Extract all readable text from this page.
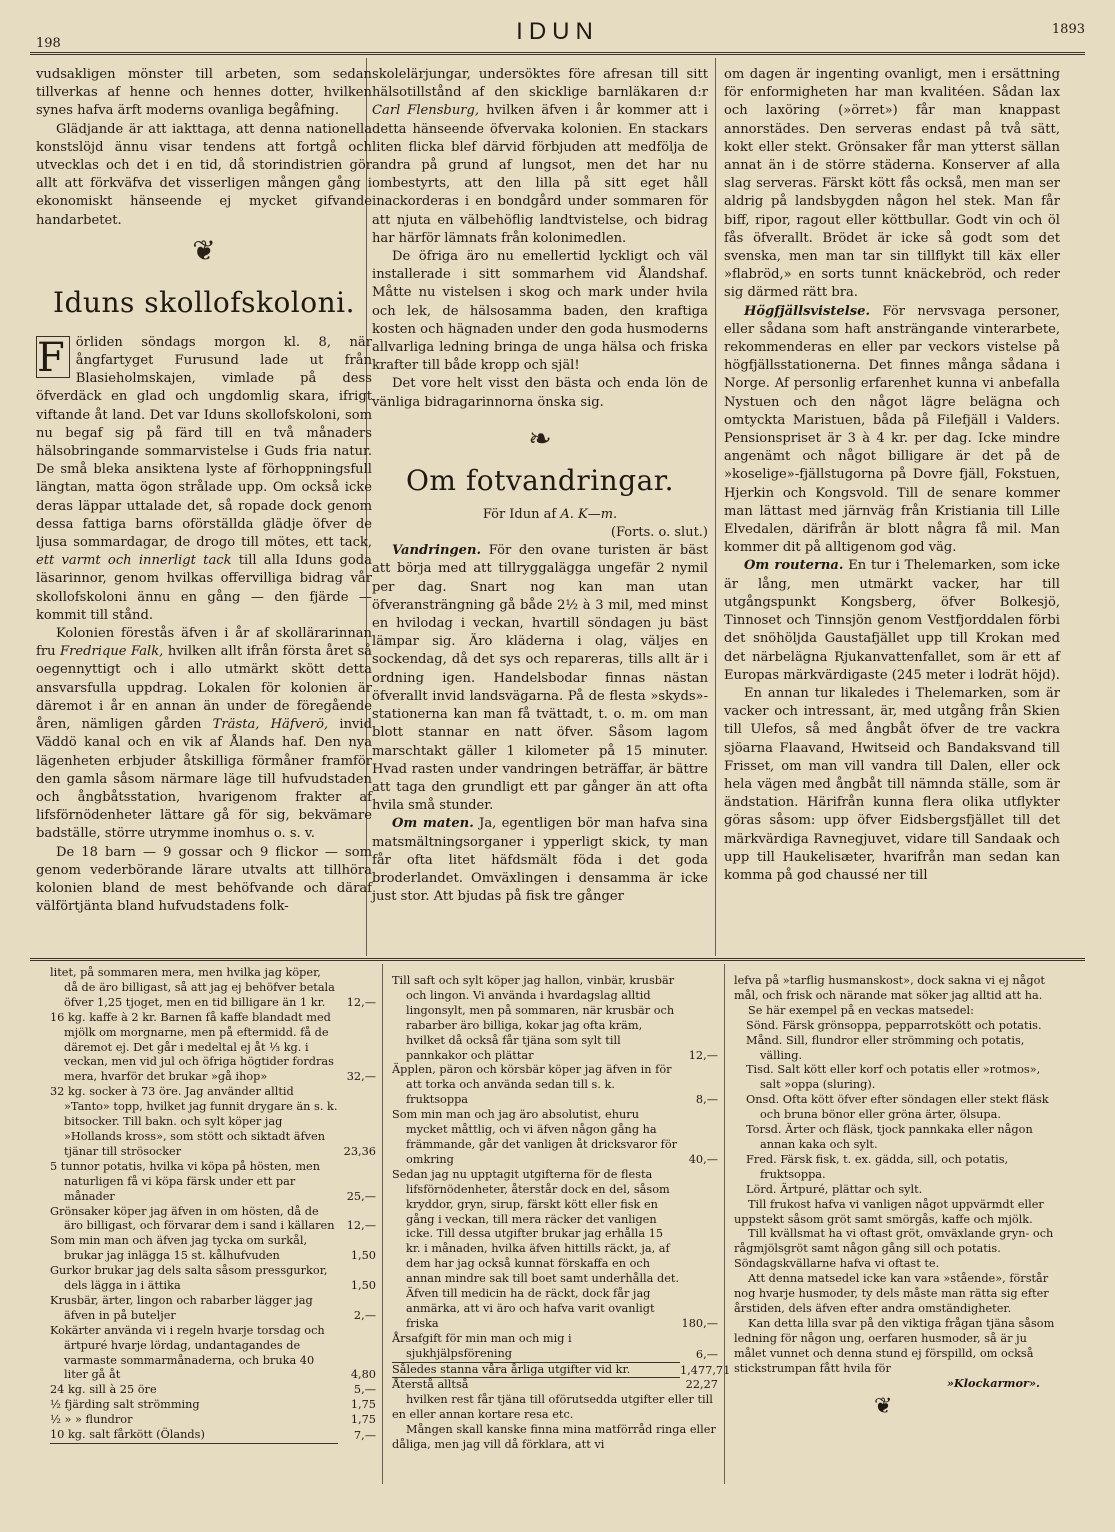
198	IDUN	1893

vudsakligen mönster till arbeten, som sedan tillverkas af henne och hennes dotter, hvilken synes hafva ärft moderns ovanliga begåfning.

Glädjande är att iakttaga, att denna nationella konstslöjd ännu visar tendens att fortgå och utvecklas och det i en tid, då storindistrien gör allt att förkväfva det visserligen mången gång i ekonomiskt hänseende ej mycket gifvande handarbetet.

❦
Iduns skollofskoloni.

F örliden söndags morgon kl. 8, när ångfartyget Furusund lade ut från Blasieholmskajen, vimlade på dess öfverdäck en glad och ungdomlig skara, ifrigt viftande åt land. Det var Iduns skollofskoloni, som nu begaf sig på färd till en två månaders hälsobringande sommarvistelse i Guds fria natur. De små bleka ansiktena lyste af förhoppningsfull längtan, matta ögon strålade upp. Om också icke deras läppar uttalade det, så ropade dock genom dessa fattiga barns oförställda glädje öfver de ljusa sommardagar, de drogo till mötes, ett tack, ett varmt och innerligt tack till alla Iduns goda läsarinnor, genom hvilkas offervilliga bidrag vår skollofskoloni ännu en gång — den fjärde — kommit till stånd.

Kolonien förestås äfven i år af skollärarinnan fru Fredrique Falk, hvilken allt ifrån första året så oegennyttigt och i allo utmärkt skött detta ansvarsfulla uppdrag. Lokalen för kolonien är däremot i år en annan än under de föregående åren, nämligen gården Trästa, Häfverö, invid Väddö kanal och en vik af Ålands haf. Den nya lägenheten erbjuder åtskilliga förmåner framför den gamla såsom närmare läge till hufvudstaden och ångbåtsstation, hvarigenom frakter af lifsförnödenheter lättare gå för sig, bekvämare badställe, större utrymme inomhus o. s. v.

De 18 barn — 9 gossar och 9 flickor — som genom vederbörande lärare utvalts att tillhöra kolonien bland de mest behöfvande och däraf välförtjänta bland hufvudstadens folk-

skolelärjungar, undersöktes före afresan till sitt hälsotillstånd af den skicklige barnläkaren d:r Carl Flensburg, hvilken äfven i år kommer att i detta hänseende öfvervaka kolonien. En stackars liten flicka blef därvid förbjuden att medfölja de andra på grund af lungsot, men det har nu ombestyrts, att den lilla på sitt eget håll inackorderas i en bondgård under sommaren för att njuta en välbehöflig landtvistelse, och bidrag har härför lämnats från kolonimedlen.

De öfriga äro nu emellertid lyckligt och väl installerade i sitt sommarhem vid Ålandshaf. Måtte nu vistelsen i skog och mark under hvila och lek, de hälsosamma baden, den kraftiga kosten och hägnaden under den goda husmoderns allvarliga ledning bringa de unga hälsa och friska krafter till både kropp och själ!

Det vore helt visst den bästa och enda lön de vänliga bidragarinnorna önska sig.

❧
Om fotvandringar.

För Idun af A. K—m.

(Forts. o. slut.)

Vandringen. För den ovane turisten är bäst att börja med att tillryggalägga ungefär 2 nymil per dag. Snart nog kan man utan öfveransträngning gå både 2½ à 3 mil, med minst en hvilodag i veckan, hvartill söndagen ju bäst lämpar sig. Äro kläderna i olag, väljes en sockendag, då det sys och repareras, tills allt är i ordning igen. Handelsbodar finnas nästan öfverallt invid landsvägarna. På de flesta »skyds»-stationerna kan man få tvättadt, t. o. m. om man blott stannar en natt öfver. Såsom lagom marschtakt gäller 1 kilometer på 15 minuter. Hvad rasten under vandringen beträffar, är bättre att taga den grundligt ett par gånger än att ofta hvila små stunder.

Om maten. Ja, egentligen bör man hafva sina matsmältningsorganer i ypperligt skick, ty man får ofta litet häfdsmält föda i det goda broderlandet. Omväxlingen i densamma är icke just stor. Att bjudas på fisk tre gånger

om dagen är ingenting ovanligt, men i ersättning för enformigheten har man kvalitéen. Sådan lax och laxöring (»örret») får man knappast annorstädes. Den serveras endast på två sätt, kokt eller stekt. Grönsaker får man ytterst sällan annat än i de större städerna. Konserver af alla slag serveras. Färskt kött fås också, men man ser aldrig på landsbygden någon hel stek. Man får biff, ripor, ragout eller köttbullar. Godt vin och öl fås öfverallt. Brödet är icke så godt som det svenska, men man tar sin tillflykt till käx eller »flabröd,» en sorts tunnt knäckebröd, och reder sig därmed rätt bra.

Högfjällsvistelse. För nervsvaga personer, eller sådana som haft ansträngande vinterarbete, rekommenderas en eller par veckors vistelse på högfjällsstationerna. Det finnes många sådana i Norge. Af personlig erfarenhet kunna vi anbefalla Nystuen och den något lägre belägna och omtyckta Maristuen, båda på Filefjäll i Valders. Pensionspriset är 3 à 4 kr. per dag. Icke mindre angenämt och något billigare är det på de »koselige»-fjällstugorna på Dovre fjäll, Fokstuen, Hjerkin och Kongsvold. Till de senare kommer man lättast med järnväg från Kristiania till Lille Elvedalen, därifrån är blott några få mil. Man kommer dit på alltigenom god väg.

Om routerna. En tur i Thelemarken, som icke är lång, men utmärkt vacker, har till utgångspunkt Kongsberg, öfver Bolkesjö, Tinnoset och Tinnsjön genom Vestfjorddalen förbi det snöhöljda Gaustafjället upp till Krokan med det närbelägna Rjukanvattenfallet, som är ett af Europas märkvärdigaste (245 meter i lodrät höjd).

En annan tur likaledes i Thelemarken, som är vacker och intressant, är, med utgång från Skien till Ulefos, så med ångbåt öfver de tre vackra sjöarna Flaavand, Hwitseid och Bandaksvand till Frisset, om man vill vandra till Dalen, eller ock hela vägen med ångbåt till nämnda ställe, som är ändstation. Härifrån kunna flera olika utflykter göras såsom: upp öfver Eidsbergsfjället till det märkvärdiga Ravnegjuvet, vidare till Sandaak och upp till Haukelisæter, hvarifrån man sedan kan komma på god chaussé ner till

litet, på sommaren mera, men hvilka jag köper, då de äro billigast, så att jag ej behöfver betala öfver 1,25 tjoget, men en tid billigare än 1 kr.	12,—
16 kg. kaffe à 2 kr. Barnen få kaffe blandadt med mjölk om morgnarne, men på eftermidd. få de däremot ej. Det går i medeltal ej åt ⅓ kg. i veckan, men vid jul och öfriga högtider fordras mera, hvarför det brukar »gå ihop»	32,—
32 kg. socker à 73 öre. Jag använder alltid »Tanto» topp, hvilket jag funnit drygare än s. k. bitsocker. Till bakn. och sylt köper jag »Hollands kross», som stött och siktadt äfven tjänar till strösocker	23,36
5 tunnor potatis, hvilka vi köpa på hösten, men naturligen få vi köpa färsk under ett par månader	25,—
Grönsaker köper jag äfven in om hösten, då de äro billigast, och förvarar dem i sand i källaren	12,—
Som min man och äfven jag tycka om surkål, brukar jag inlägga 15 st. kålhufvuden	1,50
Gurkor brukar jag dels salta såsom pressgurkor, dels lägga in i ättika	1,50
Krusbär, ärter, lingon och rabarber lägger jag äfven in på buteljer	2,—
Kokärter använda vi i regeln hvarje torsdag och ärtpuré hvarje lördag, undantagandes de varmaste sommarmånaderna, och bruka 40 liter gå åt	4,80
24 kg. sill à 25 öre	5,—
½ fjärding salt strömming	1,75
½ » » flundror	1,75
10 kg. salt fårkött (Ölands)	7,—
Till saft och sylt köper jag hallon, vinbär, krusbär och lingon. Vi använda i hvardagslag alltid lingonsylt, men på sommaren, när krusbär och rabarber äro billiga, kokar jag ofta kräm, hvilket då också får tjäna som sylt till pannkakor och plättar	12,—
Äpplen, päron och körsbär köper jag äfven in för att torka och använda sedan till s. k. fruktsoppa	8,—
Som min man och jag äro absolutist, ehuru mycket måttlig, och vi äfven någon gång ha främmande, går det vanligen åt dricksvaror för omkring	40,—
Sedan jag nu upptagit utgifterna för de flesta lifsförnödenheter, återstår dock en del, såsom kryddor, gryn, sirup, färskt kött eller fisk en gång i veckan, till mera räcker det vanligen icke. Till dessa utgifter brukar jag erhålla 15 kr. i månaden, hvilka äfven hittills räckt, ja, af dem har jag också kunnat förskaffa en och annan mindre sak till boet samt underhålla det. Äfven till medicin ha de räckt, dock får jag anmärka, att vi äro och hafva varit ovanligt friska	180,—
Årsafgift för min man och mig i sjukhjälpsförening	6,—
Således stanna våra årliga utgifter vid kr.	1,477,71
Återstå alltså	22,27

hvilken rest får tjäna till oförutsedda utgifter eller till en eller annan kortare resa etc.

Mången skall kanske finna mina matförråd ringa eller dåliga, men jag vill då förklara, att vi

lefva på »tarflig husmanskost», dock sakna vi ej något mål, och frisk och närande mat söker jag alltid att ha.

Se här exempel på en veckas matsedel:

Sönd. Färsk grönsoppa, pepparrotskött och potatis.

Månd. Sill, flundror eller strömming och potatis, välling.

Tisd. Salt kött eller korf och potatis eller »rotmos», salt »oppa (sluring).

Onsd. Ofta kött öfver efter söndagen eller stekt fläsk och bruna bönor eller gröna ärter, ölsupa.

Torsd. Ärter och fläsk, tjock pannkaka eller någon annan kaka och sylt.

Fred. Färsk fisk, t. ex. gädda, sill, och potatis, fruktsoppa.

Lörd. Ärtpuré, plättar och sylt.

Till frukost hafva vi vanligen något uppvärmdt eller uppstekt såsom gröt samt smörgås, kaffe och mjölk.

Till kvällsmat ha vi oftast gröt, omväxlande gryn- och rågmjölsgröt samt någon gång sill och potatis. Söndagskvällarne hafva vi oftast te.

Att denna matsedel icke kan vara »stående», förstår nog hvarje husmoder, ty dels måste man rätta sig efter årstiden, dels äfven efter andra omständigheter.

Kan detta lilla svar på den viktiga frågan tjäna såsom ledning för någon ung, oerfaren husmoder, så är ju målet vunnet och denna stund ej förspilld, om också stickstrumpan fått hvila för

»Klockarmor».

❦
